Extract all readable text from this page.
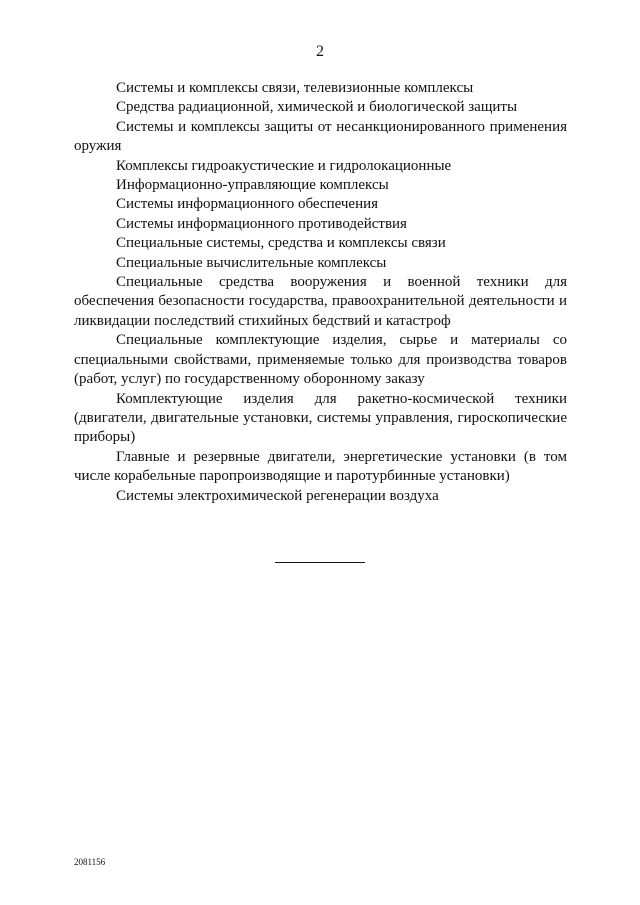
2

Системы и комплексы связи, телевизионные комплексы

Средства радиационной, химической и биологической защиты

Системы и комплексы защиты от несанкционированного применения оружия

Комплексы гидроакустические и гидролокационные

Информационно-управляющие комплексы

Системы информационного обеспечения

Системы информационного противодействия

Специальные системы, средства и комплексы связи

Специальные вычислительные комплексы

Специальные средства вооружения и военной техники для обеспечения безопасности государства, правоохранительной деятельности и ликвидации последствий стихийных бедствий и катастроф

Специальные комплектующие изделия, сырье и материалы со специальными свойствами, применяемые только для производства товаров (работ, услуг) по государственному оборонному заказу

Комплектующие изделия для ракетно-космической техники (двигатели, двигательные установки, системы управления, гироскопические приборы)

Главные и резервные двигатели, энергетические установки (в том числе корабельные паропроизводящие и паротурбинные установки)

Системы электрохимической регенерации воздуха

2081156
